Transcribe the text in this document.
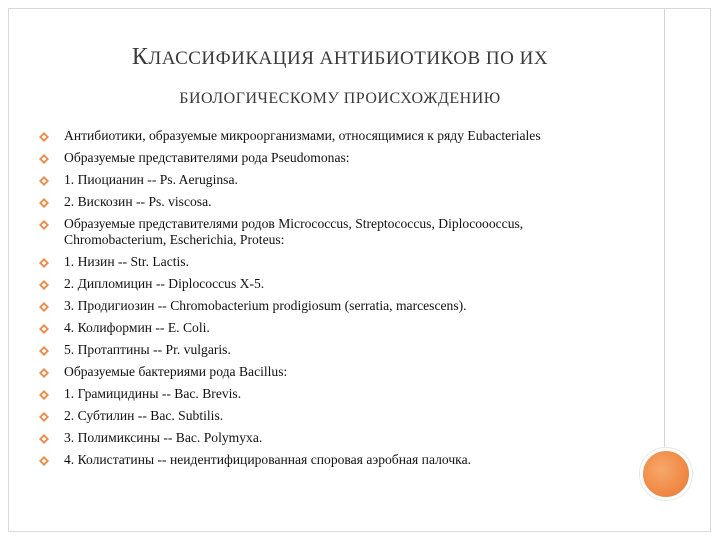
КЛАССИФИКАЦИЯ АНТИБИОТИКОВ ПО ИХ
БИОЛОГИЧЕСКОМУ ПРОИСХОЖДЕНИЮ
Антибиотики, образуемые микроорганизмами, относящимися к ряду Eubacteriales
Образуемые представителями рода Pseudomonas:
1. Пиоцианин -- Ps. Aeruginsa.
2. Вискозин -- Ps. viscosa.
Образуемые представителями родов Micrococcus, Streptococcus, Diplocoooccus, Chromobacterium, Escherichia, Proteus:
1. Низин -- Str. Lactis.
2. Дипломицин -- Diplococcus X-5.
3. Продигиозин -- Chromobacterium prodigiosum (serratia, marcescens).
4. Колиформин -- E. Coli.
5. Протаптины -- Pr. vulgaris.
Образуемые бактериями рода Bacillus:
1. Грамицидины -- Bac. Brevis.
2. Субтилин -- Bac. Subtilis.
3. Полимиксины -- Bac. Polymyxa.
4. Колистатины -- неидентифицированная споровая аэробная палочка.
